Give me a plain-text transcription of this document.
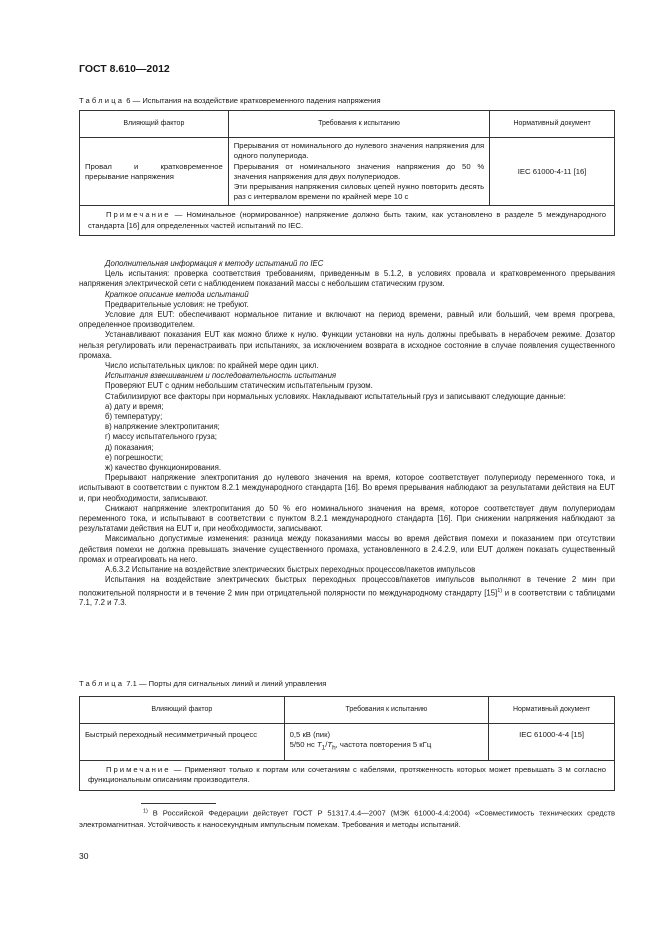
ГОСТ 8.610—2012
Таблица 6 — Испытания на воздействие кратковременного падения напряжения
Влияющий фактор	Требования к испытанию	Нормативный документ
Провал и кратковременное прерывание напряжения	Прерывания от номинального до нулевого значения напряжения для одного полупериода.
Прерывания от номинального значения напряжения до 50 % значения напряжения для двух полупериодов.
Эти прерывания напряжения силовых цепей нужно повторить десять раз с интервалом времени по крайней мере 10 с	IEC 61000-4-11 [16]
Примечание — Номинальное (нормированное) напряжение должно быть таким, как установлено в разделе 5 международного стандарта [16] для определенных частей испытаний по IEC.		

Дополнительная информация к методу испытаний по IEC

Цель испытания: проверка соответствия требованиям, приведенным в 5.1.2, в условиях провала и кратковременного прерывания напряжения электрической сети с наблюдением показаний массы с небольшим статическим грузом.

Краткое описание метода испытаний

Предварительные условия: не требуют.

Условие для EUT: обеспечивают нормальное питание и включают на период времени, равный или больший, чем время прогрева, определенное производителем.

Устанавливают показания EUT как можно ближе к нулю. Функции установки на нуль должны пребывать в нерабочем режиме. Дозатор нельзя регулировать или перенастраивать при испытаниях, за исключением возврата в исходное состояние в случае появления существенного промаха.

Число испытательных циклов: по крайней мере один цикл.

Испытания взвешиванием и последовательность испытания

Проверяют EUT с одним небольшим статическим испытательным грузом.

Стабилизируют все факторы при нормальных условиях. Накладывают испытательный груз и записывают следующие данные:

а) дату и время;

б) температуру;

в) напряжение электропитания;

г) массу испытательного груза;

д) показания;

е) погрешности;

ж) качество функционирования.

Прерывают напряжение электропитания до нулевого значения на время, которое соответствует полупериоду переменного тока, и испытывают в соответствии с пунктом 8.2.1 международного стандарта [16]. Во время прерывания наблюдают за результатами действия на EUT и, при необходимости, записывают.

Снижают напряжение электропитания до 50 % его номинального значения на время, которое соответствует двум полупериодам переменного тока, и испытывают в соответствии с пунктом 8.2.1 международного стандарта [16]. При снижении напряжения наблюдают за результатами действия на EUT и, при необходимости, записывают.

Максимально допустимые изменения: разница между показаниями массы во время действия помехи и показанием при отсутствии действия помехи не должна превышать значение существенного промаха, установленного в 2.4.2.9, или EUT должен показать существенный промах и отреагировать на него.

А.6.3.2 Испытание на воздействие электрических быстрых переходных процессов/пакетов импульсов

Испытания на воздействие электрических быстрых переходных процессов/пакетов импульсов выполняют в течение 2 мин при положительной полярности и в течение 2 мин при отрицательной полярности по международному стандарту $[15]^{1)}$ и в соответствии с таблицами 7.1, 7.2 и 7.3.

Таблица 7.1 — Порты для сигнальных линий и линий управления
Влияющий фактор	Требования к испытанию	Нормативный документ
Быстрый переходный несимметричный процесс	0,5 кВ (пик)
5/50 нс $T_1/T_h$, частота повторения 5 кГц	IEC 61000-4-4 [15]
Примечание — Применяют только к портам или сочетаниям с кабелями, протяженность которых может превышать 3 м согласно функциональным описаниям производителя.		
$^{1)}$ В Российской Федерации действует ГОСТ Р 51317.4.4—2007 (МЭК 61000-4.4:2004) «Совместимость технических средств электромагнитная. Устойчивость к наносекундным импульсным помехам. Требования и методы испытаний.
30
